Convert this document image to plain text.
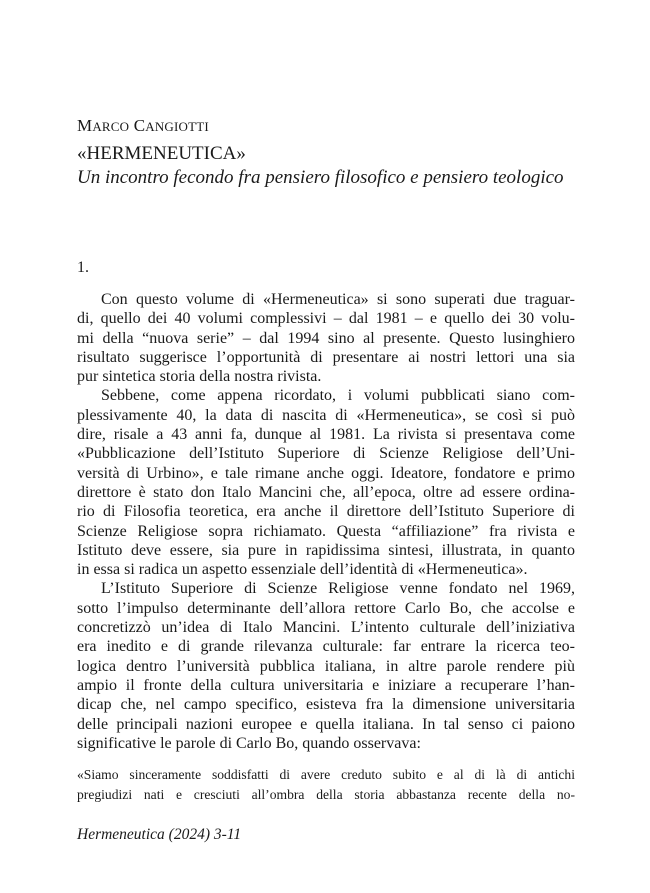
MARCO CANGIOTTI
«HERMENEUTICA»
Un incontro fecondo fra pensiero filosofico e pensiero teologico
1.
Con questo volume di «Hermeneutica» si sono superati due traguar-
di, quello dei 40 volumi complessivi – dal 1981 – e quello dei 30 volu-
mi della “nuova serie” – dal 1994 sino al presente. Questo lusinghiero
risultato suggerisce l’opportunità di presentare ai nostri lettori una sia
pur sintetica storia della nostra rivista.
Sebbene, come appena ricordato, i volumi pubblicati siano com-
plessivamente 40, la data di nascita di «Hermeneutica», se così si può
dire, risale a 43 anni fa, dunque al 1981. La rivista si presentava come
«Pubblicazione dell’Istituto Superiore di Scienze Religiose dell’Uni-
versità di Urbino», e tale rimane anche oggi. Ideatore, fondatore e primo
direttore è stato don Italo Mancini che, all’epoca, oltre ad essere ordina-
rio di Filosofia teoretica, era anche il direttore dell’Istituto Superiore di
Scienze Religiose sopra richiamato. Questa “affiliazione” fra rivista e
Istituto deve essere, sia pure in rapidissima sintesi, illustrata, in quanto
in essa si radica un aspetto essenziale dell’identità di «Hermeneutica».
L’Istituto Superiore di Scienze Religiose venne fondato nel 1969,
sotto l’impulso determinante dell’allora rettore Carlo Bo, che accolse e
concretizzò un’idea di Italo Mancini. L’intento culturale dell’iniziativa
era inedito e di grande rilevanza culturale: far entrare la ricerca teo-
logica dentro l’università pubblica italiana, in altre parole rendere più
ampio il fronte della cultura universitaria e iniziare a recuperare l’han-
dicap che, nel campo specifico, esisteva fra la dimensione universitaria
delle principali nazioni europee e quella italiana. In tal senso ci paiono
significative le parole di Carlo Bo, quando osservava:
«Siamo sinceramente soddisfatti di avere creduto subito e al di là di antichi
pregiudizi nati e cresciuti all’ombra della storia abbastanza recente della no-
Hermeneutica (2024) 3-11
